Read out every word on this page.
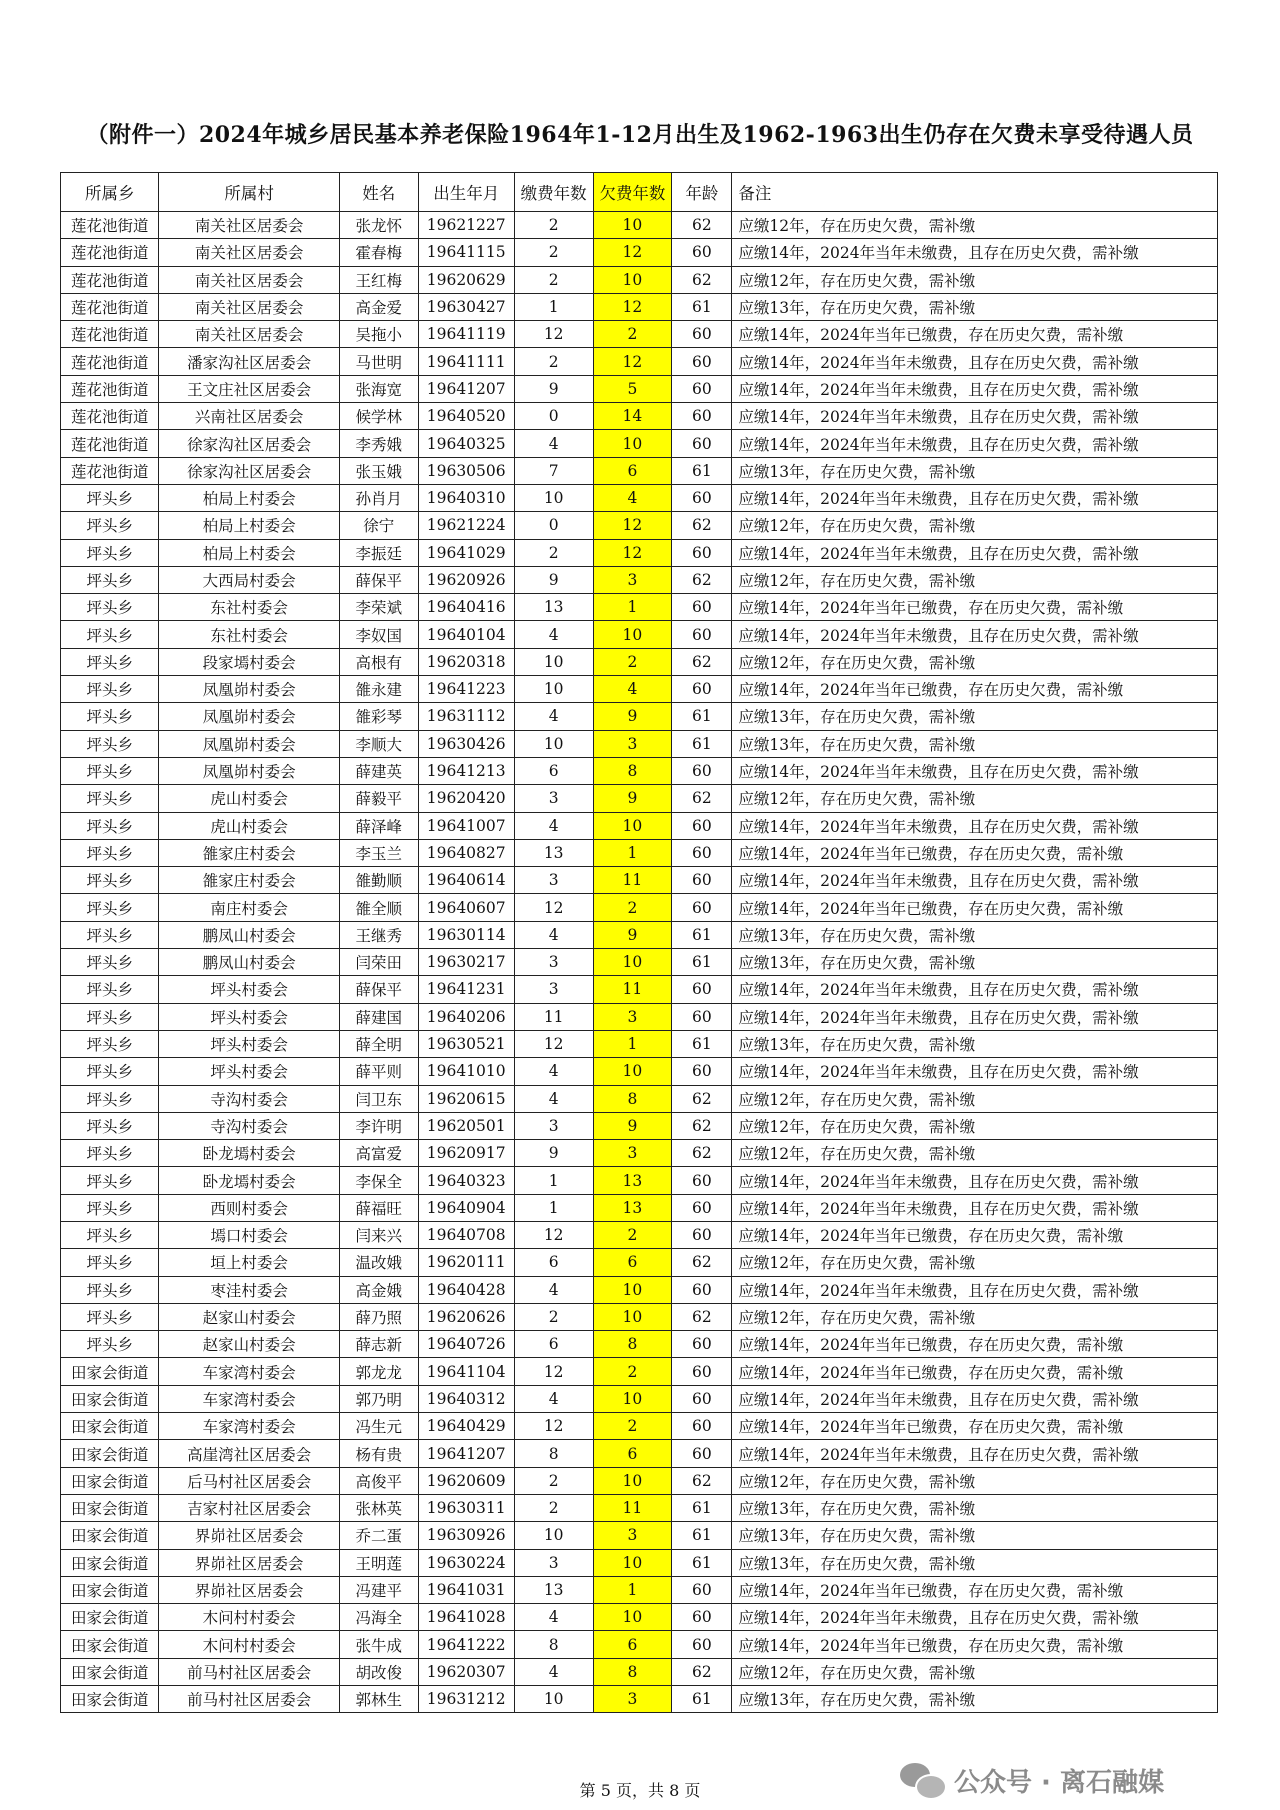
（附件一）2024年城乡居民基本养老保险1964年1-12月出生及1962-1963出生仍存在欠费未享受待遇人员
所属乡	所属村	姓名	出生年月	缴费年数	欠费年数	年龄	备注
莲花池街道	南关社区居委会	张龙怀	19621227	2	10	62	应缴12年，存在历史欠费，需补缴
莲花池街道	南关社区居委会	霍春梅	19641115	2	12	60	应缴14年，2024年当年未缴费，且存在历史欠费，需补缴
莲花池街道	南关社区居委会	王红梅	19620629	2	10	62	应缴12年，存在历史欠费，需补缴
莲花池街道	南关社区居委会	高金爱	19630427	1	12	61	应缴13年，存在历史欠费，需补缴
莲花池街道	南关社区居委会	吴拖小	19641119	12	2	60	应缴14年，2024年当年已缴费，存在历史欠费，需补缴
莲花池街道	潘家沟社区居委会	马世明	19641111	2	12	60	应缴14年，2024年当年未缴费，且存在历史欠费，需补缴
莲花池街道	王文庄社区居委会	张海宽	19641207	9	5	60	应缴14年，2024年当年未缴费，且存在历史欠费，需补缴
莲花池街道	兴南社区居委会	候学林	19640520	0	14	60	应缴14年，2024年当年未缴费，且存在历史欠费，需补缴
莲花池街道	徐家沟社区居委会	李秀娥	19640325	4	10	60	应缴14年，2024年当年未缴费，且存在历史欠费，需补缴
莲花池街道	徐家沟社区居委会	张玉娥	19630506	7	6	61	应缴13年，存在历史欠费，需补缴
坪头乡	柏局上村委会	孙肖月	19640310	10	4	60	应缴14年，2024年当年未缴费，且存在历史欠费，需补缴
坪头乡	柏局上村委会	徐宁	19621224	0	12	62	应缴12年，存在历史欠费，需补缴
坪头乡	柏局上村委会	李振廷	19641029	2	12	60	应缴14年，2024年当年未缴费，且存在历史欠费，需补缴
坪头乡	大西局村委会	薛保平	19620926	9	3	62	应缴12年，存在历史欠费，需补缴
坪头乡	东社村委会	李荣斌	19640416	13	1	60	应缴14年，2024年当年已缴费，存在历史欠费，需补缴
坪头乡	东社村委会	李奴国	19640104	4	10	60	应缴14年，2024年当年未缴费，且存在历史欠费，需补缴
坪头乡	段家墕村委会	高根有	19620318	10	2	62	应缴12年，存在历史欠费，需补缴
坪头乡	凤凰峁村委会	雒永建	19641223	10	4	60	应缴14年，2024年当年已缴费，存在历史欠费，需补缴
坪头乡	凤凰峁村委会	雒彩琴	19631112	4	9	61	应缴13年，存在历史欠费，需补缴
坪头乡	凤凰峁村委会	李顺大	19630426	10	3	61	应缴13年，存在历史欠费，需补缴
坪头乡	凤凰峁村委会	薛建英	19641213	6	8	60	应缴14年，2024年当年未缴费，且存在历史欠费，需补缴
坪头乡	虎山村委会	薛毅平	19620420	3	9	62	应缴12年，存在历史欠费，需补缴
坪头乡	虎山村委会	薛泽峰	19641007	4	10	60	应缴14年，2024年当年未缴费，且存在历史欠费，需补缴
坪头乡	雒家庄村委会	李玉兰	19640827	13	1	60	应缴14年，2024年当年已缴费，存在历史欠费，需补缴
坪头乡	雒家庄村委会	雒勤顺	19640614	3	11	60	应缴14年，2024年当年未缴费，且存在历史欠费，需补缴
坪头乡	南庄村委会	雒全顺	19640607	12	2	60	应缴14年，2024年当年已缴费，存在历史欠费，需补缴
坪头乡	鹏凤山村委会	王继秀	19630114	4	9	61	应缴13年，存在历史欠费，需补缴
坪头乡	鹏凤山村委会	闫荣田	19630217	3	10	61	应缴13年，存在历史欠费，需补缴
坪头乡	坪头村委会	薛保平	19641231	3	11	60	应缴14年，2024年当年未缴费，且存在历史欠费，需补缴
坪头乡	坪头村委会	薛建国	19640206	11	3	60	应缴14年，2024年当年未缴费，且存在历史欠费，需补缴
坪头乡	坪头村委会	薛全明	19630521	12	1	61	应缴13年，存在历史欠费，需补缴
坪头乡	坪头村委会	薛平则	19641010	4	10	60	应缴14年，2024年当年未缴费，且存在历史欠费，需补缴
坪头乡	寺沟村委会	闫卫东	19620615	4	8	62	应缴12年，存在历史欠费，需补缴
坪头乡	寺沟村委会	李许明	19620501	3	9	62	应缴12年，存在历史欠费，需补缴
坪头乡	卧龙墕村委会	高富爱	19620917	9	3	62	应缴12年，存在历史欠费，需补缴
坪头乡	卧龙墕村委会	李保全	19640323	1	13	60	应缴14年，2024年当年未缴费，且存在历史欠费，需补缴
坪头乡	西则村委会	薛福旺	19640904	1	13	60	应缴14年，2024年当年未缴费，且存在历史欠费，需补缴
坪头乡	墕口村委会	闫来兴	19640708	12	2	60	应缴14年，2024年当年已缴费，存在历史欠费，需补缴
坪头乡	垣上村委会	温改娥	19620111	6	6	62	应缴12年，存在历史欠费，需补缴
坪头乡	枣洼村委会	高金娥	19640428	4	10	60	应缴14年，2024年当年未缴费，且存在历史欠费，需补缴
坪头乡	赵家山村委会	薛乃照	19620626	2	10	62	应缴12年，存在历史欠费，需补缴
坪头乡	赵家山村委会	薛志新	19640726	6	8	60	应缴14年，2024年当年已缴费，存在历史欠费，需补缴
田家会街道	车家湾村委会	郭龙龙	19641104	12	2	60	应缴14年，2024年当年已缴费，存在历史欠费，需补缴
田家会街道	车家湾村委会	郭乃明	19640312	4	10	60	应缴14年，2024年当年未缴费，且存在历史欠费，需补缴
田家会街道	车家湾村委会	冯生元	19640429	12	2	60	应缴14年，2024年当年已缴费，存在历史欠费，需补缴
田家会街道	高崖湾社区居委会	杨有贵	19641207	8	6	60	应缴14年，2024年当年未缴费，且存在历史欠费，需补缴
田家会街道	后马村社区居委会	高俊平	19620609	2	10	62	应缴12年，存在历史欠费，需补缴
田家会街道	吉家村社区居委会	张林英	19630311	2	11	61	应缴13年，存在历史欠费，需补缴
田家会街道	界峁社区居委会	乔二蛋	19630926	10	3	61	应缴13年，存在历史欠费，需补缴
田家会街道	界峁社区居委会	王明莲	19630224	3	10	61	应缴13年，存在历史欠费，需补缴
田家会街道	界峁社区居委会	冯建平	19641031	13	1	60	应缴14年，2024年当年已缴费，存在历史欠费，需补缴
田家会街道	木问村村委会	冯海全	19641028	4	10	60	应缴14年，2024年当年未缴费，且存在历史欠费，需补缴
田家会街道	木问村村委会	张牛成	19641222	8	6	60	应缴14年，2024年当年已缴费，存在历史欠费，需补缴
田家会街道	前马村社区居委会	胡改俊	19620307	4	8	62	应缴12年，存在历史欠费，需补缴
田家会街道	前马村社区居委会	郭林生	19631212	10	3	61	应缴13年，存在历史欠费，需补缴
第 5 页，共 8 页	公众号 · 离石融媒
